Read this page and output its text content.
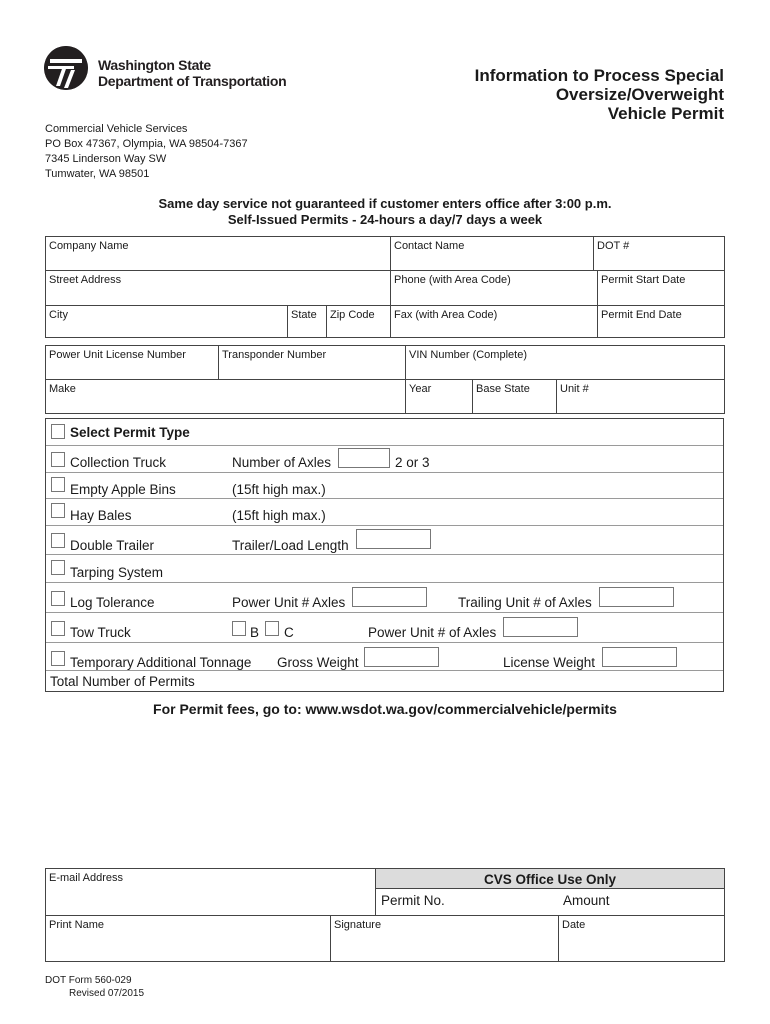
Washington State
Department of Transportation	Information to Process Special
Oversize/Overweight
Vehicle Permit
Commercial Vehicle Services
PO Box 47367, Olympia, WA 98504-7367
7345 Linderson Way SW
Tumwater, WA 98501
Same day service not guaranteed if customer enters office after 3:00 p.m.
Self-Issued Permits - 24-hours a day/7 days a week
Company Name	Contact Name	DOT #
Street Address	Phone (with Area Code)	Permit Start Date
City	State	Zip Code	Fax (with Area Code)	Permit End Date
Power Unit License Number	Transponder Number	VIN Number (Complete)
Make	Year	Base State	Unit #
Select Permit Type
Collection Truck	Number of Axles	2 or 3
Empty Apple Bins	(15ft high max.)
Hay Bales	(15ft high max.)
Double Trailer	Trailer/Load Length
Tarping System
Log Tolerance	Power Unit # Axles	Trailing Unit # of Axles
Tow Truck	B C	Power Unit # of Axles
Temporary Additional Tonnage Gross Weight	License Weight
Total Number of Permits
For Permit fees, go to: www.wsdot.wa.gov/commercialvehicle/permits
E-mail Address	CVS Office Use Only
Permit No.	Amount
Print Name	Signature	Date
DOT Form 560-029
Revised 07/2015
